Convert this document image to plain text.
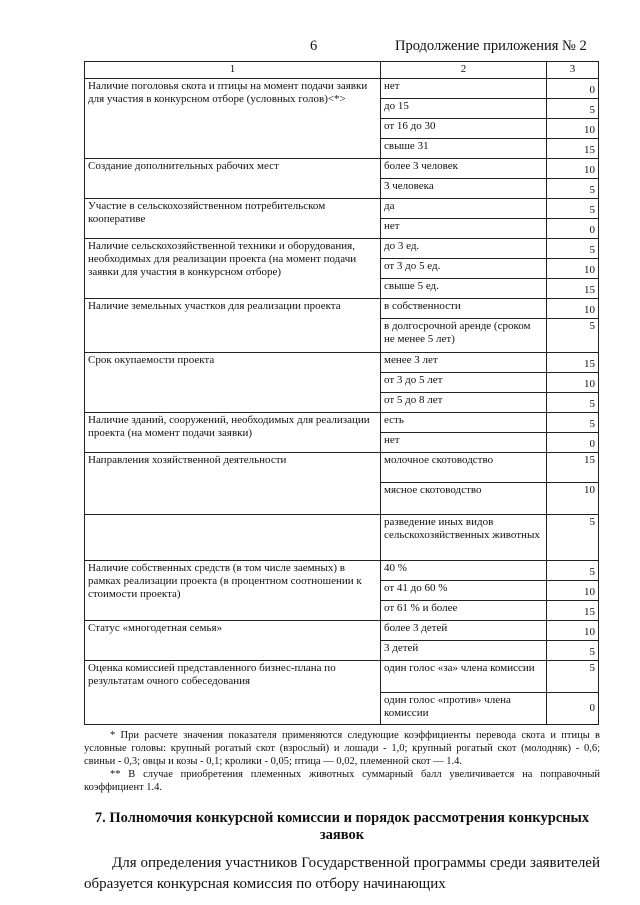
6	Продолжение приложения № 2
1	2	3
Наличие поголовья скота и птицы на момент подачи заявки для участия в конкурсном отборе (условных голов)<*>	нет	0
	до 15	5
	от 16 до 30	10
	свыше 31	15
Создание дополнительных рабочих мест	более 3 человек	10
	3 человека	5
Участие в сельскохозяйственном потребительском кооперативе	да	5
	нет	0
Наличие сельскохозяйственной техники и оборудования, необходимых для реализации проекта (на момент подачи заявки для участия в конкурсном отборе)	до 3 ед.	5
	от 3 до 5 ед.	10
	свыше 5 ед.	15
Наличие земельных участков для реализации проекта	в собственности	10
	в долгосрочной аренде (сроком не менее 5 лет)	5
Срок окупаемости проекта	менее 3 лет	15
	от 3 до 5 лет	10
	от 5 до 8 лет	5
Наличие зданий, сооружений, необходимых для реализации проекта (на момент подачи заявки)	есть	5
	нет	0
Направления хозяйственной деятельности	молочное скотоводство	15
	мясное скотоводство	10
	разведение иных видов сельскохозяйственных животных	5
Наличие собственных средств (в том числе заемных) в рамках реализации проекта (в процентном соотношении к стоимости проекта)	40 %	5
	от 41 до 60 %	10
	от 61 % и более	15
Статус «многодетная семья»	более 3 детей	10
	3 детей	5
Оценка комиссией представленного бизнес-плана по результатам очного собеседования	один голос «за» члена комиссии	5
	один голос «против» члена комиссии	0

* При расчете значения показателя применяются следующие коэффициенты перевода скота и птицы в условные головы: крупный рогатый скот (взрослый) и лошади - 1,0; крупный рогатый скот (молодняк) - 0,6; свиньи - 0,3; овцы и козы - 0,1; кролики - 0,05; птица — 0,02, племенной скот — 1.4.

** В случае приобретения племенных животных суммарный балл увеличивается на поправочный коэффициент 1.4.

7. Полномочия конкурсной комиссии и порядок рассмотрения конкурсных заявок
Для определения участников Государственной программы среди заявителей образуется конкурсная комиссия по отбору начинающих
